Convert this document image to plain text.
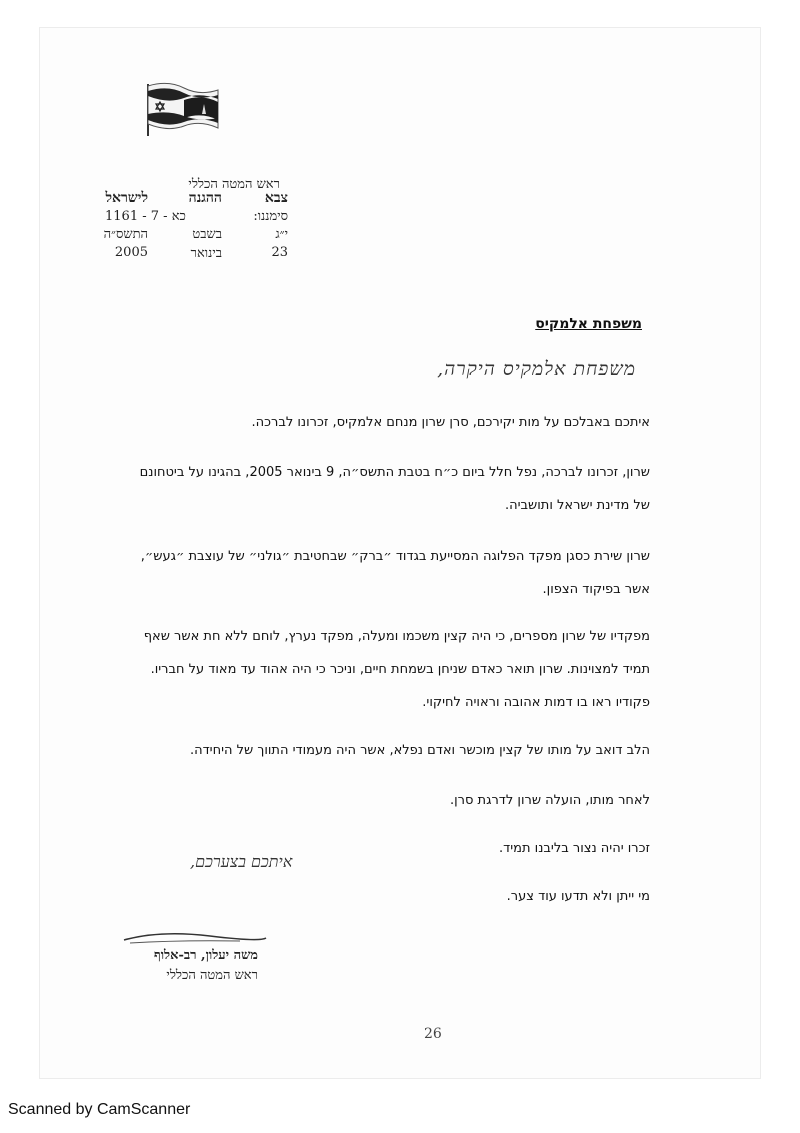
ראש המטה הכללי
צבא
ההגנה
לישראל
סימננו:
כא - 7 - 1161
י״ג
בשבט
התשס״ה
23
בינואר
2005
משפחת אלמקיס
משפחת אלמקיס היקרה,
איתכם באבלכם על מות יקירכם, סרן שרון מנחם אלמקיס, זכרונו לברכה.
שרון, זכרונו לברכה, נפל חלל ביום כ״ח בטבת התשס״ה, 9 בינואר 2005, בהגינו על ביטחונם של מדינת ישראל ותושביה.
שרון שירת כסגן מפקד הפלוגה המסייעת בגדוד ״ברק״ שבחטיבת ״גולני״ של עוצבת ״געש״, אשר בפיקוד הצפון.
מפקדיו של שרון מספרים, כי היה קצין משכמו ומעלה, מפקד נערץ, לוחם ללא חת אשר שאף תמיד למצוינות. שרון תואר כאדם שניחן בשמחת חיים, וניכר כי היה אהוד עד מאוד על חבריו. פקודיו ראו בו דמות אהובה וראויה לחיקוי.
הלב דואב על מותו של קצין מוכשר ואדם נפלא, אשר היה מעמודי התווך של היחידה.
לאחר מותו, הועלה שרון לדרגת סרן.
זכרו יהיה נצור בליבנו תמיד.
מי ייתן ולא תדעו עוד צער.
איתכם בצערכם,
משה יעלון, רב-אלוף
ראש המטה הכללי
26
Scanned by CamScanner
